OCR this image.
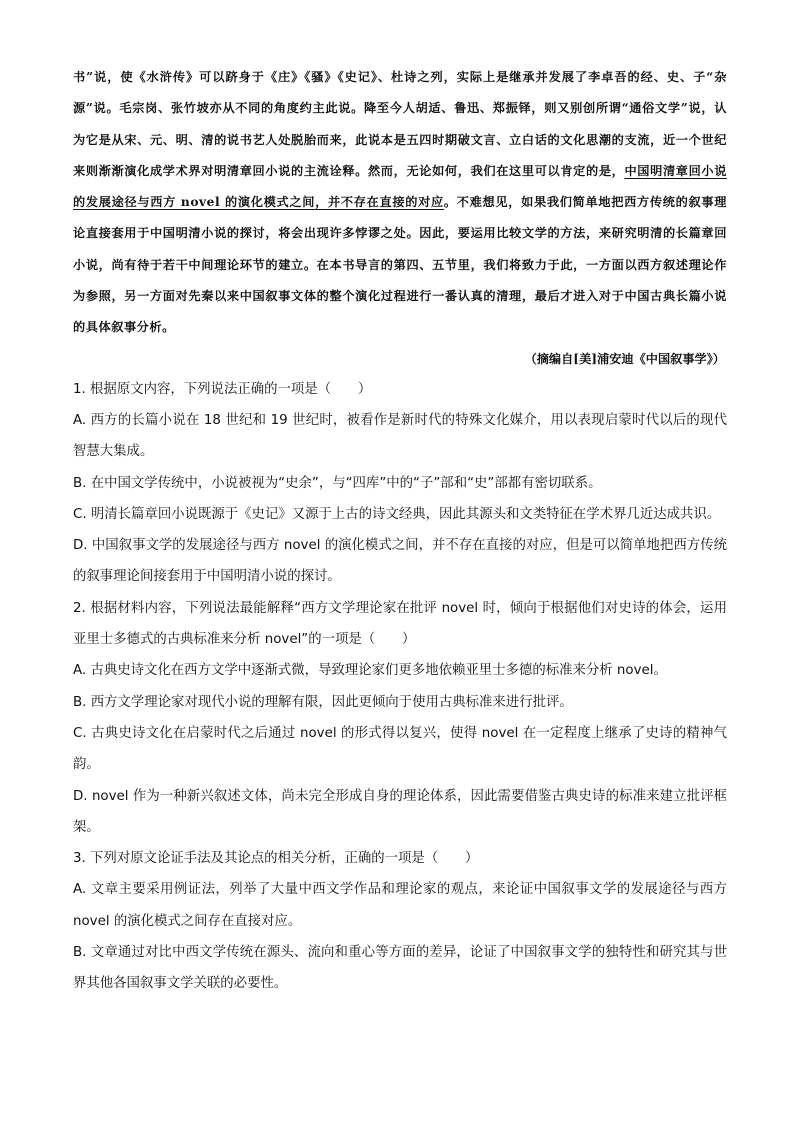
书”说，使《水浒传》可以跻身于《庄》《骚》《史记》、杜诗之列，实际上是继承并发展了李卓吾的经、史、子“杂源”说。毛宗岗、张竹坡亦从不同的角度约主此说。降至今人胡适、鲁迅、郑振铎，则又别创所谓“通俗文学”说，认为它是从宋、元、明、清的说书艺人处脱胎而来，此说本是五四时期破文言、立白话的文化思潮的支流，近一个世纪来则渐渐演化成学术界对明清章回小说的主流诠释。然而，无论如何，我们在这里可以肯定的是，中国明清章回小说的发展途径与西方 novel 的演化模式之间，并不存在直接的对应。不难想见，如果我们简单地把西方传统的叙事理论直接套用于中国明清小说的探讨，将会出现许多悖谬之处。因此，要运用比较文学的方法，来研究明清的长篇章回小说，尚有待于若干中间理论环节的建立。在本书导言的第四、五节里，我们将致力于此，一方面以西方叙述理论作为参照，另一方面对先秦以来中国叙事文体的整个演化过程进行一番认真的清理，最后才进入对于中国古典长篇小说的具体叙事分析。

（摘编自[美]浦安迪《中国叙事学》）

1. 根据原文内容，下列说法正确的一项是（　　）

A. 西方的长篇小说在 18 世纪和 19 世纪时，被看作是新时代的特殊文化媒介，用以表现启蒙时代以后的现代智慧大集成。

B. 在中国文学传统中，小说被视为“史余”，与“四库”中的“子”部和“史”部都有密切联系。

C. 明清长篇章回小说既源于《史记》又源于上古的诗文经典，因此其源头和文类特征在学术界几近达成共识。

D. 中国叙事文学的发展途径与西方 novel 的演化模式之间，并不存在直接的对应，但是可以简单地把西方传统的叙事理论间接套用于中国明清小说的探讨。

2. 根据材料内容，下列说法最能解释“西方文学理论家在批评 novel 时，倾向于根据他们对史诗的体会，运用亚里士多德式的古典标准来分析 novel”的一项是（　　）

A. 古典史诗文化在西方文学中逐渐式微，导致理论家们更多地依赖亚里士多德的标准来分析 novel。

B. 西方文学理论家对现代小说的理解有限，因此更倾向于使用古典标准来进行批评。

C. 古典史诗文化在启蒙时代之后通过 novel 的形式得以复兴，使得 novel 在一定程度上继承了史诗的精神气韵。

D. novel 作为一种新兴叙述文体，尚未完全形成自身的理论体系，因此需要借鉴古典史诗的标准来建立批评框架。

3. 下列对原文论证手法及其论点的相关分析，正确的一项是（　　）

A. 文章主要采用例证法，列举了大量中西文学作品和理论家的观点，来论证中国叙事文学的发展途径与西方 novel 的演化模式之间存在直接对应。

B. 文章通过对比中西文学传统在源头、流向和重心等方面的差异，论证了中国叙事文学的独特性和研究其与世界其他各国叙事文学关联的必要性。
